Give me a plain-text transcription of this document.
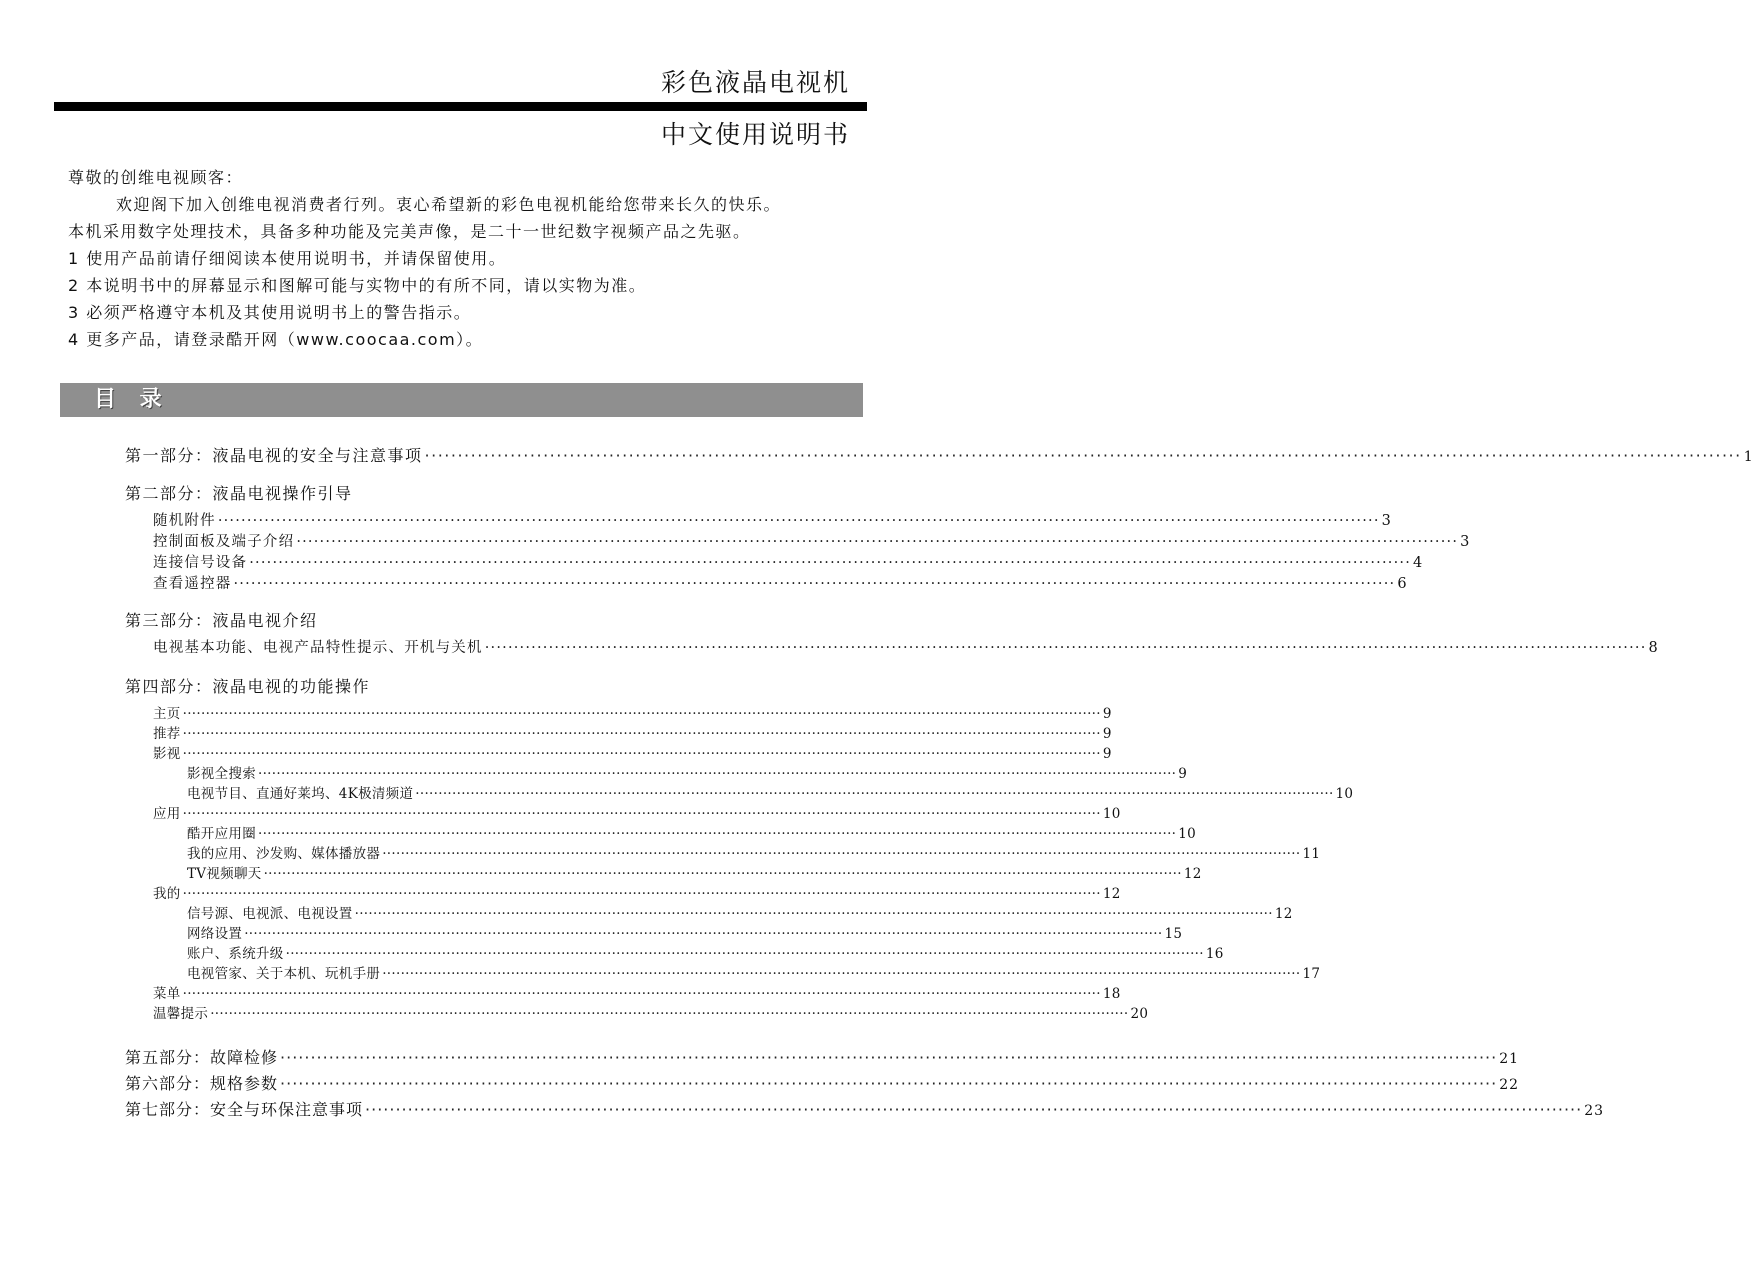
彩色液晶电视机
中文使用说明书
尊敬的创维电视顾客：
欢迎阁下加入创维电视消费者行列。衷心希望新的彩色电视机能给您带来长久的快乐。
本机采用数字处理技术，具备多种功能及完美声像，是二十一世纪数字视频产品之先驱。
1 使用产品前请仔细阅读本使用说明书，并请保留使用。
2 本说明书中的屏幕显示和图解可能与实物中的有所不同，请以实物为准。
3 必须严格遵守本机及其使用说明书上的警告指示。
4 更多产品，请登录酷开网（www.coocaa.com）。
目 录
第一部分：液晶电视的安全与注意事项 ········································································································································································································ 1
第二部分：液晶电视操作引导
随机附件 ········································································································································································································ 3
控制面板及端子介绍 ········································································································································································································ 3
连接信号设备 ········································································································································································································ 4
查看遥控器 ········································································································································································································ 6
第三部分：液晶电视介绍
电视基本功能、电视产品特性提示、开机与关机 ········································································································································································································ 8
第四部分：液晶电视的功能操作
主页 ········································································································································································································ 9
推荐 ········································································································································································································ 9
影视 ········································································································································································································ 9
影视全搜索 ········································································································································································································ 9
电视节目、直通好莱坞、4K极清频道 ········································································································································································································ 10
应用 ········································································································································································································ 10
酷开应用圈 ········································································································································································································ 10
我的应用、沙发购、媒体播放器 ········································································································································································································ 11
TV视频聊天 ········································································································································································································ 12
我的 ········································································································································································································ 12
信号源、电视派、电视设置 ········································································································································································································ 12
网络设置 ········································································································································································································ 15
账户、系统升级 ········································································································································································································ 16
电视管家、关于本机、玩机手册 ········································································································································································································ 17
菜单 ········································································································································································································ 18
温馨提示 ········································································································································································································ 20
第五部分：故障检修 ········································································································································································································ 21
第六部分：规格参数 ········································································································································································································ 22
第七部分：安全与环保注意事项 ········································································································································································································ 23
